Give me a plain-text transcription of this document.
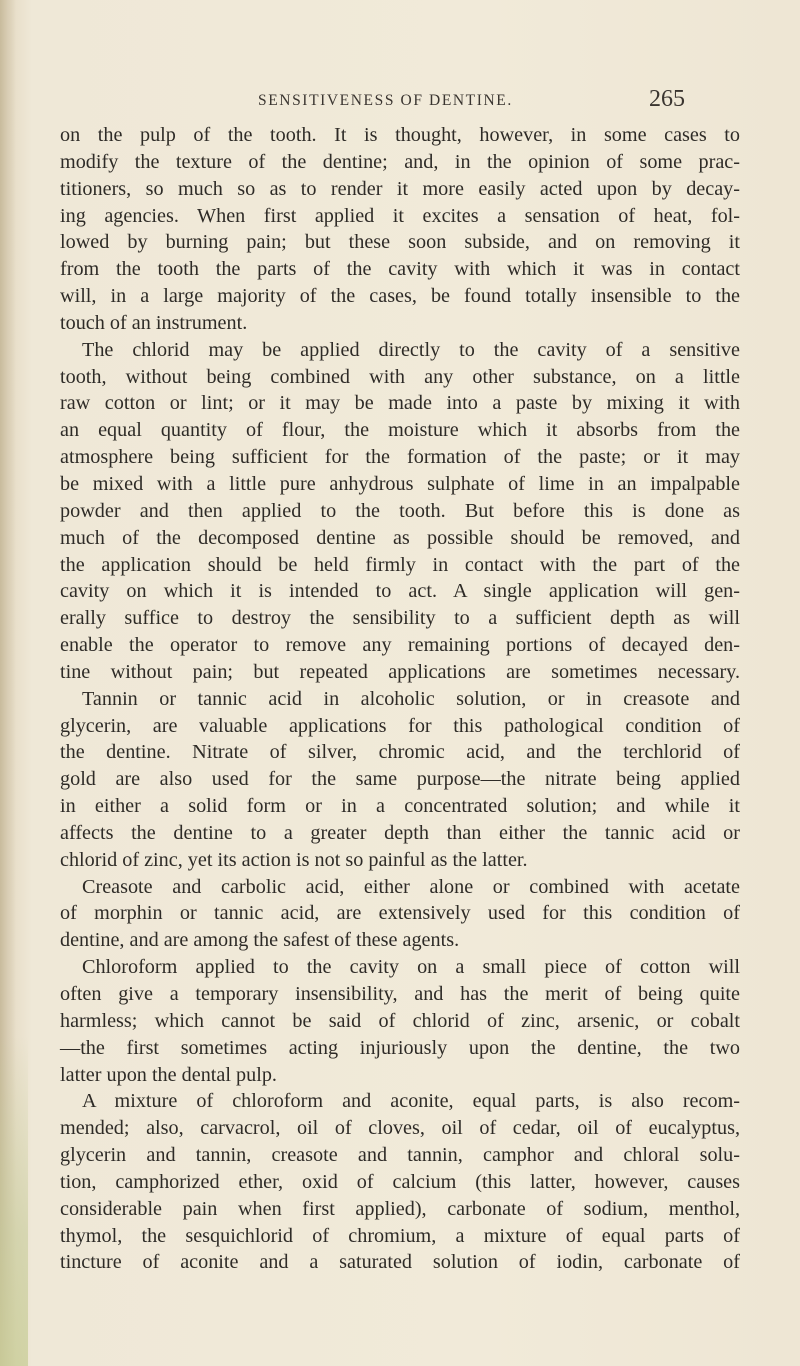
SENSITIVENESS OF DENTINE.	265
on the pulp of the tooth. It is thought, however, in some cases to
modify the texture of the dentine; and, in the opinion of some prac-
titioners, so much so as to render it more easily acted upon by decay-
ing agencies. When first applied it excites a sensation of heat, fol-
lowed by burning pain; but these soon subside, and on removing it
from the tooth the parts of the cavity with which it was in contact
will, in a large majority of the cases, be found totally insensible to the
touch of an instrument.
The chlorid may be applied directly to the cavity of a sensitive
tooth, without being combined with any other substance, on a little
raw cotton or lint; or it may be made into a paste by mixing it with
an equal quantity of flour, the moisture which it absorbs from the
atmosphere being sufficient for the formation of the paste; or it may
be mixed with a little pure anhydrous sulphate of lime in an impalpable
powder and then applied to the tooth. But before this is done as
much of the decomposed dentine as possible should be removed, and
the application should be held firmly in contact with the part of the
cavity on which it is intended to act. A single application will gen-
erally suffice to destroy the sensibility to a sufficient depth as will
enable the operator to remove any remaining portions of decayed den-
tine without pain; but repeated applications are sometimes necessary.
Tannin or tannic acid in alcoholic solution, or in creasote and
glycerin, are valuable applications for this pathological condition of
the dentine. Nitrate of silver, chromic acid, and the terchlorid of
gold are also used for the same purpose—the nitrate being applied
in either a solid form or in a concentrated solution; and while it
affects the dentine to a greater depth than either the tannic acid or
chlorid of zinc, yet its action is not so painful as the latter.
Creasote and carbolic acid, either alone or combined with acetate
of morphin or tannic acid, are extensively used for this condition of
dentine, and are among the safest of these agents.
Chloroform applied to the cavity on a small piece of cotton will
often give a temporary insensibility, and has the merit of being quite
harmless; which cannot be said of chlorid of zinc, arsenic, or cobalt
—the first sometimes acting injuriously upon the dentine, the two
latter upon the dental pulp.
A mixture of chloroform and aconite, equal parts, is also recom-
mended; also, carvacrol, oil of cloves, oil of cedar, oil of eucalyptus,
glycerin and tannin, creasote and tannin, camphor and chloral solu-
tion, camphorized ether, oxid of calcium (this latter, however, causes
considerable pain when first applied), carbonate of sodium, menthol,
thymol, the sesquichlorid of chromium, a mixture of equal parts of
tincture of aconite and a saturated solution of iodin, carbonate of
